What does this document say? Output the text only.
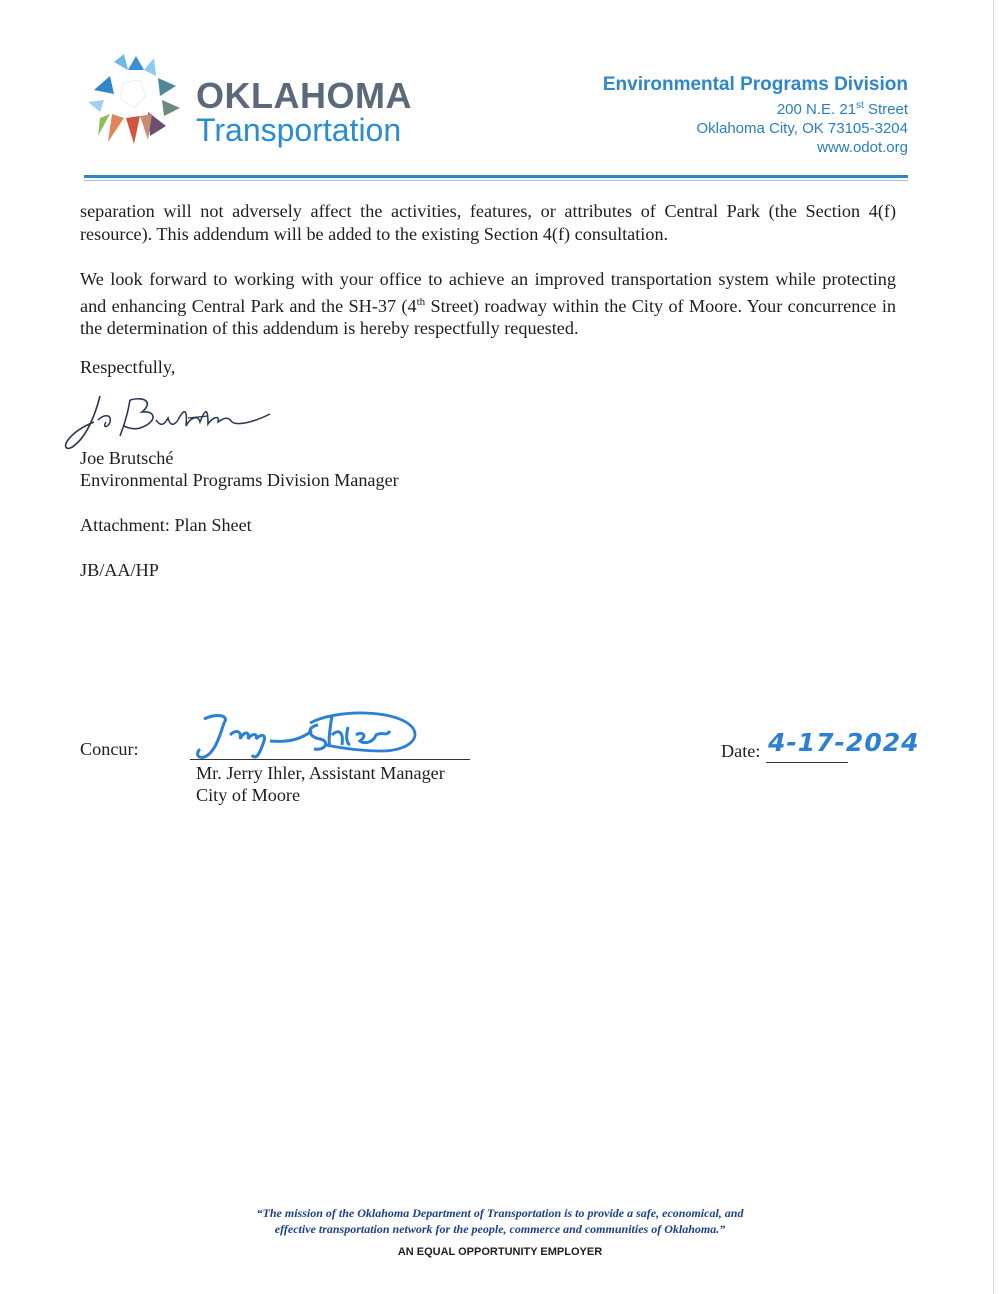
OKLAHOMA

Transportation

Environmental Programs Division
200 N.E. 21st Street
Oklahoma City, OK 73105-3204
www.odot.org

separation will not adversely affect the activities, features, or attributes of Central Park (the Section 4(f) resource). This addendum will be added to the existing Section 4(f) consultation.

We look forward to working with your office to achieve an improved transportation system while protecting and enhancing Central Park and the SH-37 (4th Street) roadway within the City of Moore. Your concurrence in the determination of this addendum is hereby respectfully requested.

Respectfully,

Joe Brutsché

Environmental Programs Division Manager

Attachment: Plan Sheet

JB/AA/HP

Concur:

Mr. Jerry Ihler, Assistant Manager

City of Moore

Date: 4-17-2024

“The mission of the Oklahoma Department of Transportation is to provide a safe, economical, and
effective transportation network for the people, commerce and communities of Oklahoma.”

AN EQUAL OPPORTUNITY EMPLOYER
